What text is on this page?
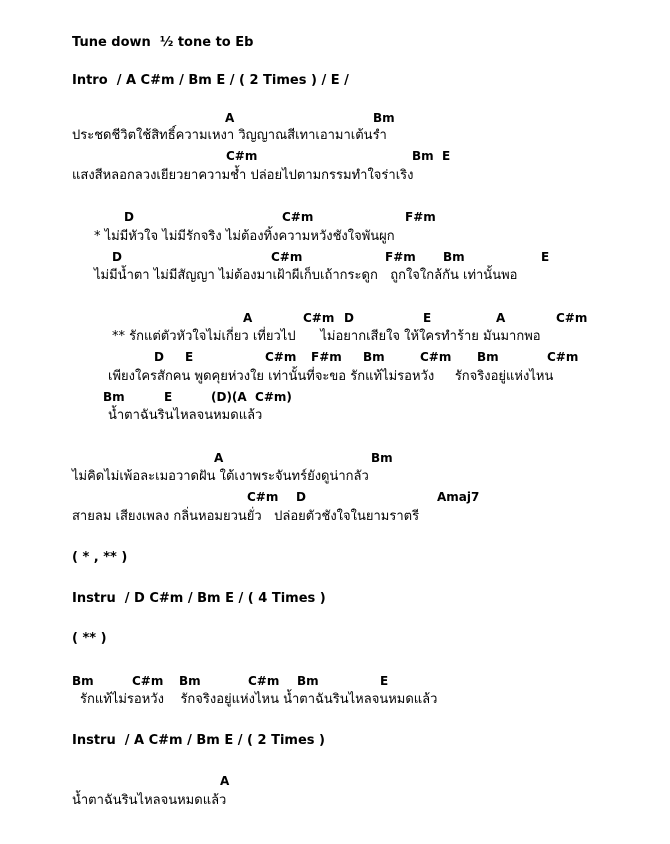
Tune down  ½ tone to Eb
Intro  / A C#m / Bm E / ( 2 Times ) / E /
A	Bm
ประชดชีวิตใช้สิทธิ์ความเหงา วิญญาณสีเทาเอามาเต้นรำ
C#m	Bm  E
แสงสีหลอกลวงเยียวยาความช้ำ ปล่อยไปตามกรรมทำใจร่าเริง
D	C#m	F#m
* ไม่มีหัวใจ ไม่มีรักจริง ไม่ต้องทิ้งความหวังชังใจพันผูก
D	C#m	F#m Bm	E
ไม่มีน้ำตา ไม่มีสัญญา ไม่ต้องมาเฝ้าผีเก็บเถ้ากระดูก   ถูกใจใกล้กัน เท่านั้นพอ
A	C#m D	E	A	C#m
** รักแต่ตัวหัวใจไม่เกี่ยว เที่ยวไป      ไม่อยากเสียใจ ให้ใครทำร้าย มันมากพอ
D E	C#m F#m Bm	C#m Bm	C#m
เพียงใครสักคน พูดคุยห่วงใย เท่านั้นที่จะขอ รักแท้ไม่รอหวัง     รักจริงอยู่แห่งไหน
Bm	E	(D)(A  C#m)
น้ำตาฉันรินไหลจนหมดแล้ว
A	Bm
ไม่คิดไม่เพ้อละเมอวาดฝัน ใต้เงาพระจันทร์ยังดูน่ากลัว
C#m D	Amaj7
สายลม เสียงเพลง กลิ่นหอมยวนยั่ว   ปล่อยตัวชังใจในยามราตรี
( * , ** )
Instru  / D C#m / Bm E / ( 4 Times )
( ** )
Bm	C#m Bm	C#m Bm	E
รักแท้ไม่รอหวัง    รักจริงอยู่แห่งไหน น้ำตาฉันรินไหลจนหมดแล้ว
Instru  / A C#m / Bm E / ( 2 Times )
A
น้ำตาฉันรินไหลจนหมดแล้ว
